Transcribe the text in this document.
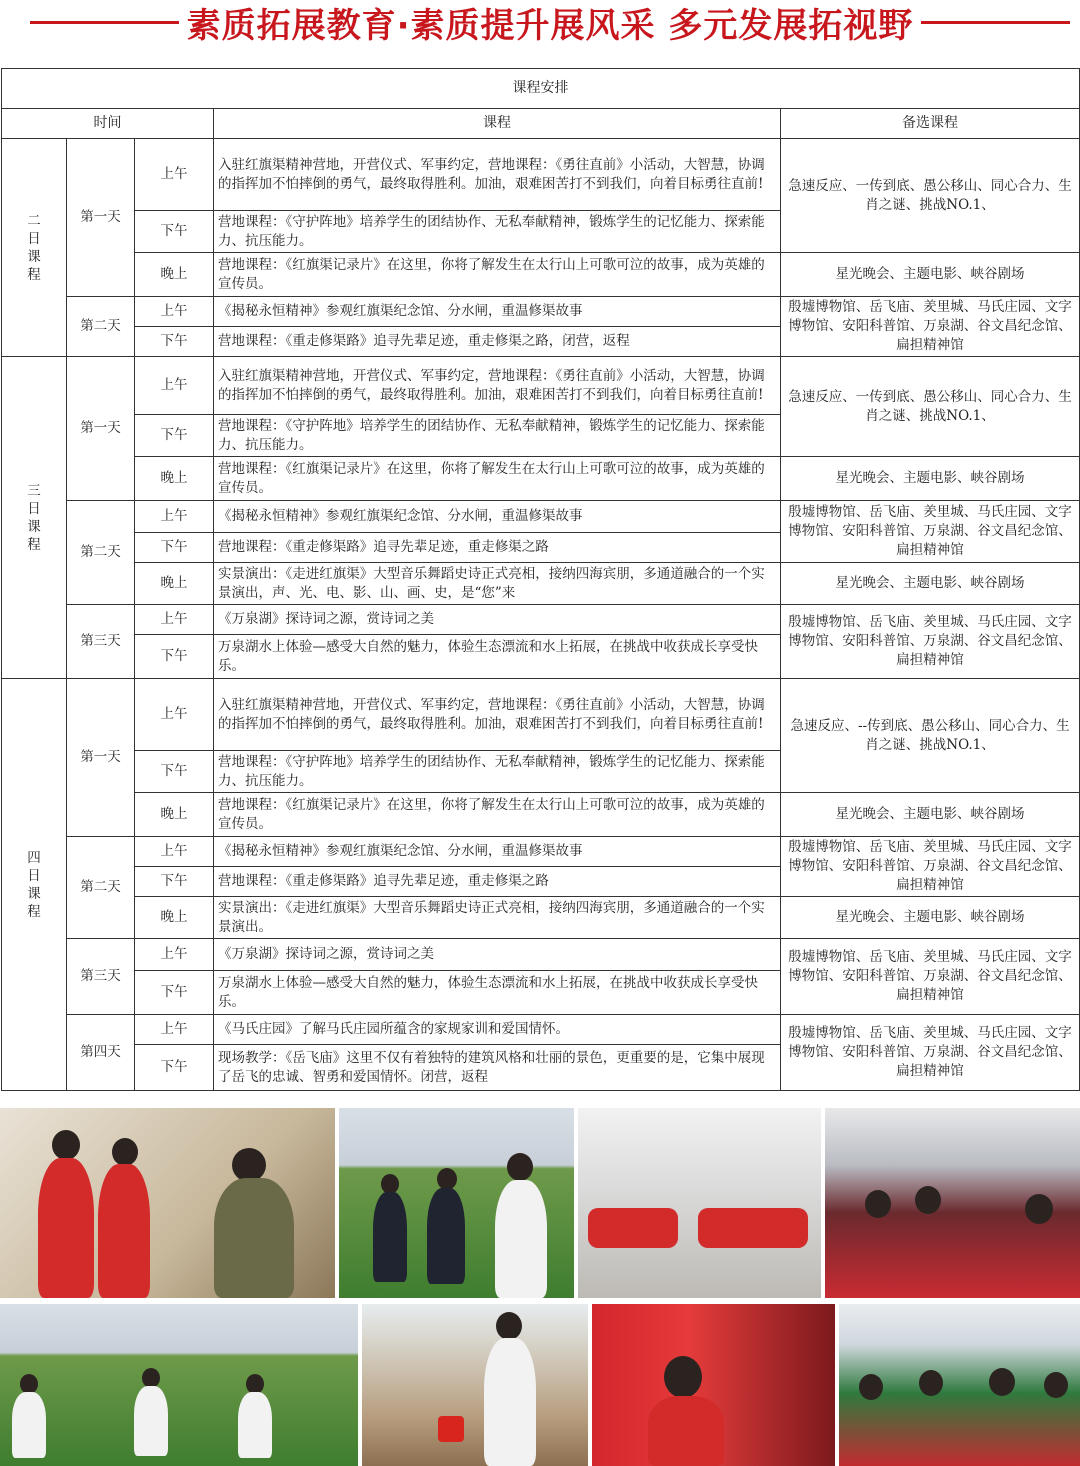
素质拓展教育·素质提升展风采 多元发展拓视野
课程安排				
时间			课程	备选课程

二日课程	第一天	上午	入驻红旗渠精神营地，开营仪式、军事约定，营地课程：《勇往直前》小活动，大智慧，协调的指挥加不怕摔倒的勇气，最终取得胜利。加油，艰难困苦打不到我们，向着目标勇往直前!	急速反应、一传到底、愚公移山、同心合力、生肖之谜、挑战NO.1、
		下午	营地课程：《守护阵地》培养学生的团结协作、无私奉献精神，锻炼学生的记忆能力、探索能力、抗压能力。	
		晚上	营地课程：《红旗渠记录片》在这里，你将了解发生在太行山上可歌可泣的故事，成为英雄的宣传员。	星光晚会、主题电影、峡谷剧场
	第二天	上午	《揭秘永恒精神》参观红旗渠纪念馆、分水闸，重温修渠故事	殷墟博物馆、岳飞庙、羑里城、马氏庄园、文字博物馆、安阳科普馆、万泉湖、谷文昌纪念馆、扁担精神馆
		下午	营地课程：《重走修渠路》追寻先辈足迹，重走修渠之路，闭营，返程	

三日课程	第一天	上午	入驻红旗渠精神营地，开营仪式、军事约定，营地课程：《勇往直前》小活动，大智慧，协调的指挥加不怕摔倒的勇气，最终取得胜利。加油，艰难困苦打不到我们，向着目标勇往直前!	急速反应、一传到底、愚公移山、同心合力、生肖之谜、挑战NO.1、
		下午	营地课程：《守护阵地》培养学生的团结协作、无私奉献精神，锻炼学生的记忆能力、探索能力、抗压能力。	
		晚上	营地课程：《红旗渠记录片》在这里，你将了解发生在太行山上可歌可泣的故事，成为英雄的宣传员。	星光晚会、主题电影、峡谷剧场
	第二天	上午	《揭秘永恒精神》参观红旗渠纪念馆、分水闸，重温修渠故事	殷墟博物馆、岳飞庙、羑里城、马氏庄园、文字博物馆、安阳科普馆、万泉湖、谷文昌纪念馆、扁担精神馆
		下午	营地课程：《重走修渠路》追寻先辈足迹，重走修渠之路	
		晚上	实景演出：《走进红旗渠》大型音乐舞蹈史诗正式亮相，接纳四海宾朋，多通道融合的一个实景演出，声、光、电、影、山、画、史，是“您”来	星光晚会、主题电影、峡谷剧场
	第三天	上午	《万泉湖》探诗词之源，赏诗词之美	殷墟博物馆、岳飞庙、羑里城、马氏庄园、文字博物馆、安阳科普馆、万泉湖、谷文昌纪念馆、扁担精神馆
		下午	万泉湖水上体验—感受大自然的魅力，体验生态漂流和水上拓展，在挑战中收获成长享受快乐。	

四日课程	第一天	上午	入驻红旗渠精神营地，开营仪式、军事约定，营地课程：《勇往直前》小活动，大智慧，协调的指挥加不怕摔倒的勇气，最终取得胜利。加油，艰难困苦打不到我们，向着目标勇往直前!	急速反应、--传到底、愚公移山、同心合力、生肖之谜、挑战NO.1、
		下午	营地课程：《守护阵地》培养学生的团结协作、无私奉献精神，锻炼学生的记忆能力、探索能力、抗压能力。	
		晚上	营地课程：《红旗渠记录片》在这里，你将了解发生在太行山上可歌可泣的故事，成为英雄的宣传员。	星光晚会、主题电影、峡谷剧场
	第二天	上午	《揭秘永恒精神》参观红旗渠纪念馆、分水闸，重温修渠故事	殷墟博物馆、岳飞庙、羑里城、马氏庄园、文字博物馆、安阳科普馆、万泉湖、谷文昌纪念馆、扁担精神馆
		下午	营地课程：《重走修渠路》追寻先辈足迹，重走修渠之路	
		晚上	实景演出：《走进红旗渠》大型音乐舞蹈史诗正式亮相，接纳四海宾朋，多通道融合的一个实景演出。	星光晚会、主题电影、峡谷剧场
	第三天	上午	《万泉湖》探诗词之源，赏诗词之美	殷墟博物馆、岳飞庙、羑里城、马氏庄园、文字博物馆、安阳科普馆、万泉湖、谷文昌纪念馆、扁担精神馆
		下午	万泉湖水上体验—感受大自然的魅力，体验生态漂流和水上拓展，在挑战中收获成长享受快乐。	
	第四天	上午	《马氏庄园》了解马氏庄园所蕴含的家规家训和爱国情怀。	殷墟博物馆、岳飞庙、羑里城、马氏庄园、文字博物馆、安阳科普馆、万泉湖、谷文昌纪念馆、扁担精神馆
		下午	现场教学：《岳飞庙》这里不仅有着独特的建筑风格和壮丽的景色，更重要的是，它集中展现了岳飞的忠诚、智勇和爱国情怀。闭营，返程	
